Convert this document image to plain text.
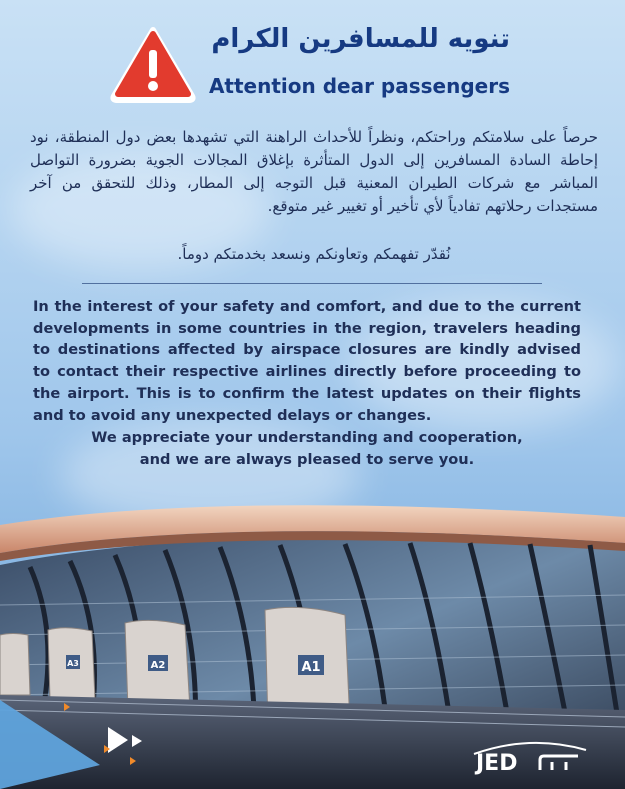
تنويه للمسافرين الكرام
Attention dear passengers
حرصاً على سلامتكم وراحتكم، ونظراً للأحداث الراهنة التي تشهدها بعض دول المنطقة، نود إحاطة السادة المسافرين إلى الدول المتأثرة بإغلاق المجالات الجوية بضرورة التواصل المباشر مع شركات الطيران المعنية قبل التوجه إلى المطار، وذلك للتحقق من آخر مستجدات رحلاتهم تفادياً لأي تأخير أو تغيير غير متوقع.
نُقدّر تفهمكم وتعاونكم ونسعد بخدمتكم دوماً.
In the interest of your safety and comfort, and due to the current developments in some countries in the region, travelers heading to destinations affected by airspace closures are kindly advised to contact their respective airlines directly before proceeding to the airport. This is to confirm the latest updates on their flights and to avoid any unexpected delays or changes.
We appreciate your understanding and cooperation,
and we are always pleased to serve you.
A1
A2
A3
JED
